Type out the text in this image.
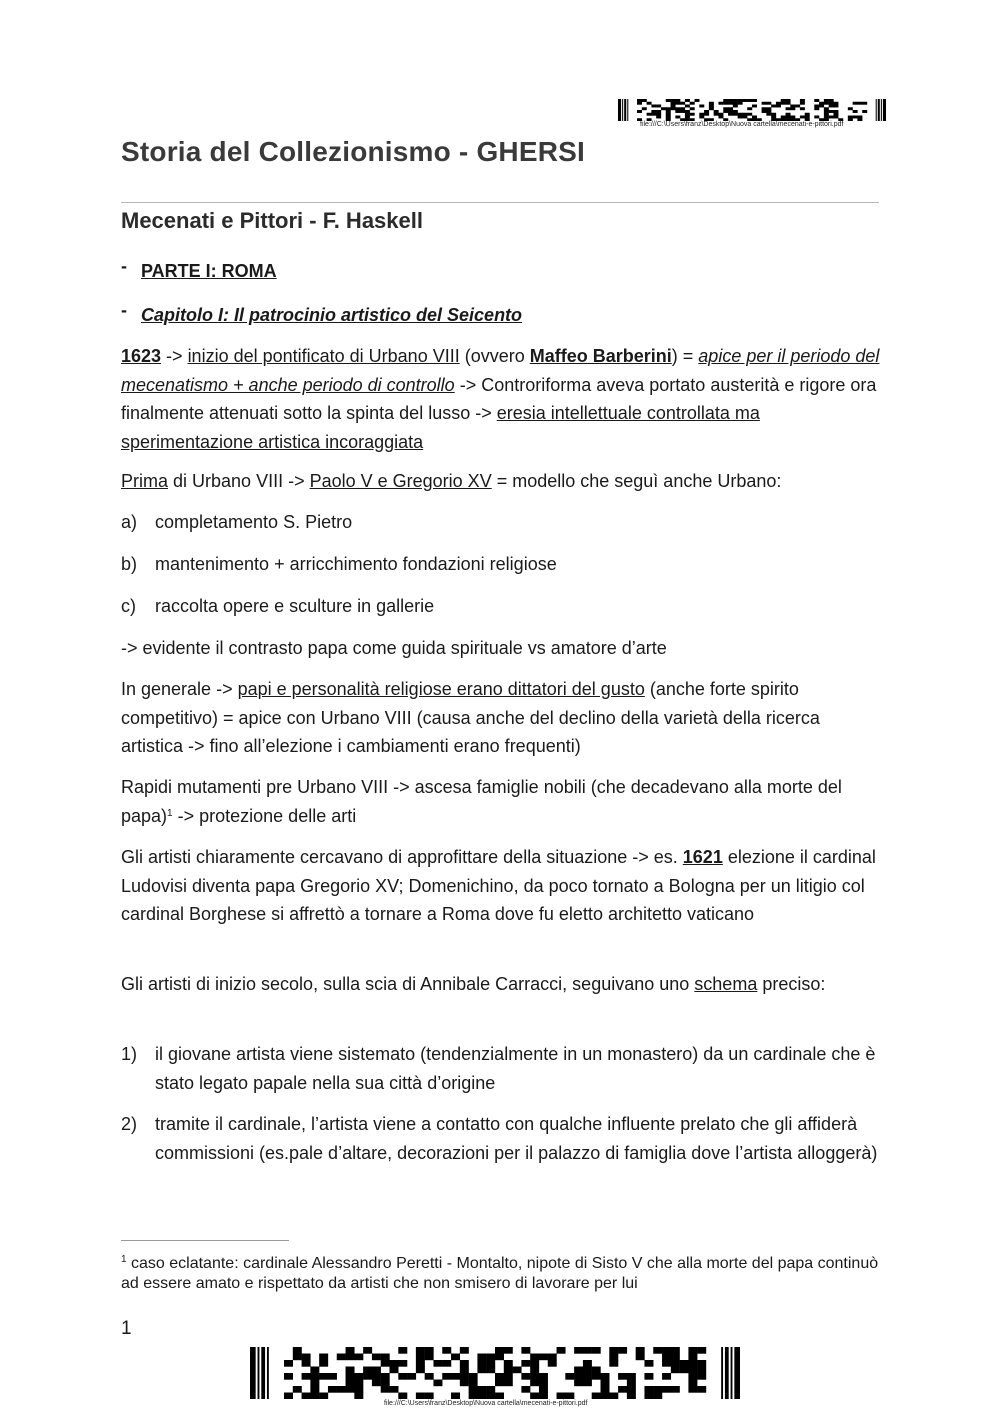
file:///C:\Users\franz\Desktop\Nuova cartella\mecenati-e-pittori.pdf
Storia del Collezionismo - GHERSI
Mecenati e Pittori - F. Haskell
- PARTE I: ROMA
- Capitolo I: Il patrocinio artistico del Seicento

1623 -> inizio del pontificato di Urbano VIII (ovvero Maffeo Barberini) = apice per il periodo del mecenatismo + anche periodo di controllo -> Controriforma aveva portato austerità e rigore ora finalmente attenuati sotto la spinta del lusso -> eresia intellettuale controllata ma sperimentazione artistica incoraggiata

Prima di Urbano VIII -> Paolo V e Gregorio XV = modello che seguì anche Urbano:

a) completamento S. Pietro
b) mantenimento + arricchimento fondazioni religiose
c) raccolta opere e sculture in gallerie

-> evidente il contrasto papa come guida spirituale vs amatore d’arte

In generale -> papi e personalità religiose erano dittatori del gusto (anche forte spirito competitivo) = apice con Urbano VIII (causa anche del declino della varietà della ricerca artistica -> fino all’elezione i cambiamenti erano frequenti)

Rapidi mutamenti pre Urbano VIII -> ascesa famiglie nobili (che decadevano alla morte del papa)$^1$ -> protezione delle arti

Gli artisti chiaramente cercavano di approfittare della situazione -> es. 1621 elezione il cardinal Ludovisi diventa papa Gregorio XV; Domenichino, da poco tornato a Bologna per un litigio col cardinal Borghese si affrettò a tornare a Roma dove fu eletto architetto vaticano

Gli artisti di inizio secolo, sulla scia di Annibale Carracci, seguivano uno schema preciso:

1) il giovane artista viene sistemato (tendenzialmente in un monastero) da un cardinale che è stato legato papale nella sua città d’origine
2) tramite il cardinale, l’artista viene a contatto con qualche influente prelato che gli affiderà commissioni (es.pale d’altare, decorazioni per il palazzo di famiglia dove l’artista alloggerà)

$^1$ caso eclatante: cardinale Alessandro Peretti - Montalto, nipote di Sisto V che alla morte del papa continuò ad essere amato e rispettato da artisti che non smisero di lavorare per lui

1
file:///C:\Users\franz\Desktop\Nuova cartella\mecenati-e-pittori.pdf
